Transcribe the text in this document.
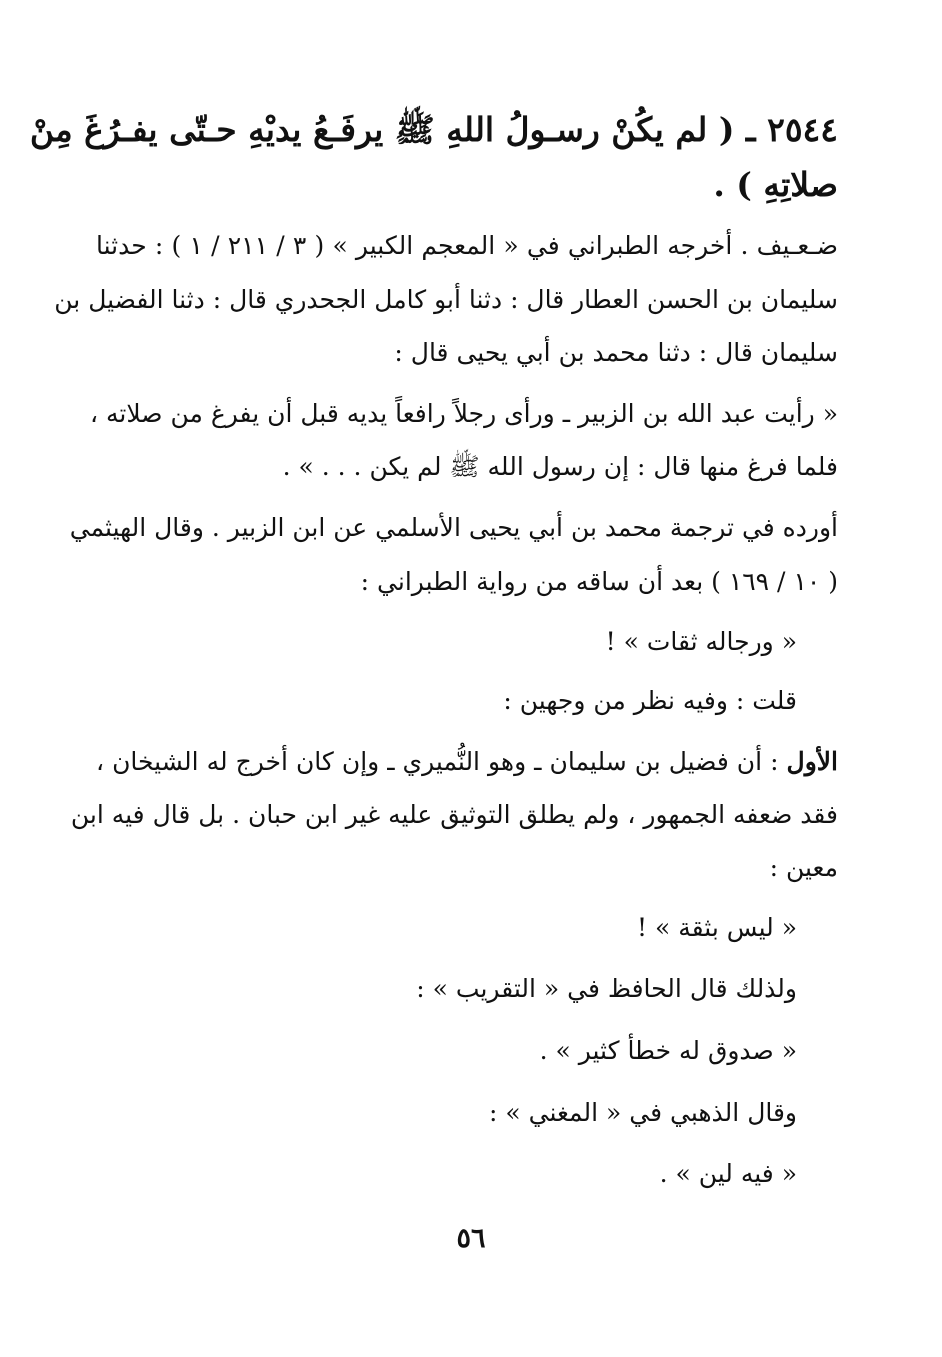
٢٥٤٤ ـ ( لم يكُنْ رسـولُ اللهِ ﷺ يرفَـعُ يديْهِ حـتّى يفـرُغَ مِنْ
صلاتِهِ ) .
ضـعـيف . أخرجه الطبراني في « المعجم الكبير » ( ٣ / ٢١١ / ١ ) : حدثنا
سليمان بن الحسن العطار قال : دثنا أبو كامل الجحدري قال : دثنا الفضيل بن
سليمان قال : دثنا محمد بن أبي يحيى قال :
« رأيت عبد الله بن الزبير ـ ورأى رجلاً رافعاً يديه قبل أن يفرغ من صلاته ،
فلما فرغ منها قال : إن رسول الله ﷺ لم يكن . . . » .
أورده في ترجمة محمد بن أبي يحيى الأسلمي عن ابن الزبير . وقال الهيثمي
( ١٠ / ١٦٩ ) بعد أن ساقه من رواية الطبراني :
« ورجاله ثقات » !
قلت : وفيه نظر من وجهين :
الأول : أن فضيل بن سليمان ـ وهو النُّميري ـ وإن كان أخرج له الشيخان ،
فقد ضعفه الجمهور ، ولم يطلق التوثيق عليه غير ابن حبان . بل قال فيه ابن
معين :
« ليس بثقة » !
ولذلك قال الحافظ في « التقريب » :
« صدوق له خطأ كثير » .
وقال الذهبي في « المغني » :
« فيه لين » .
٥٦
